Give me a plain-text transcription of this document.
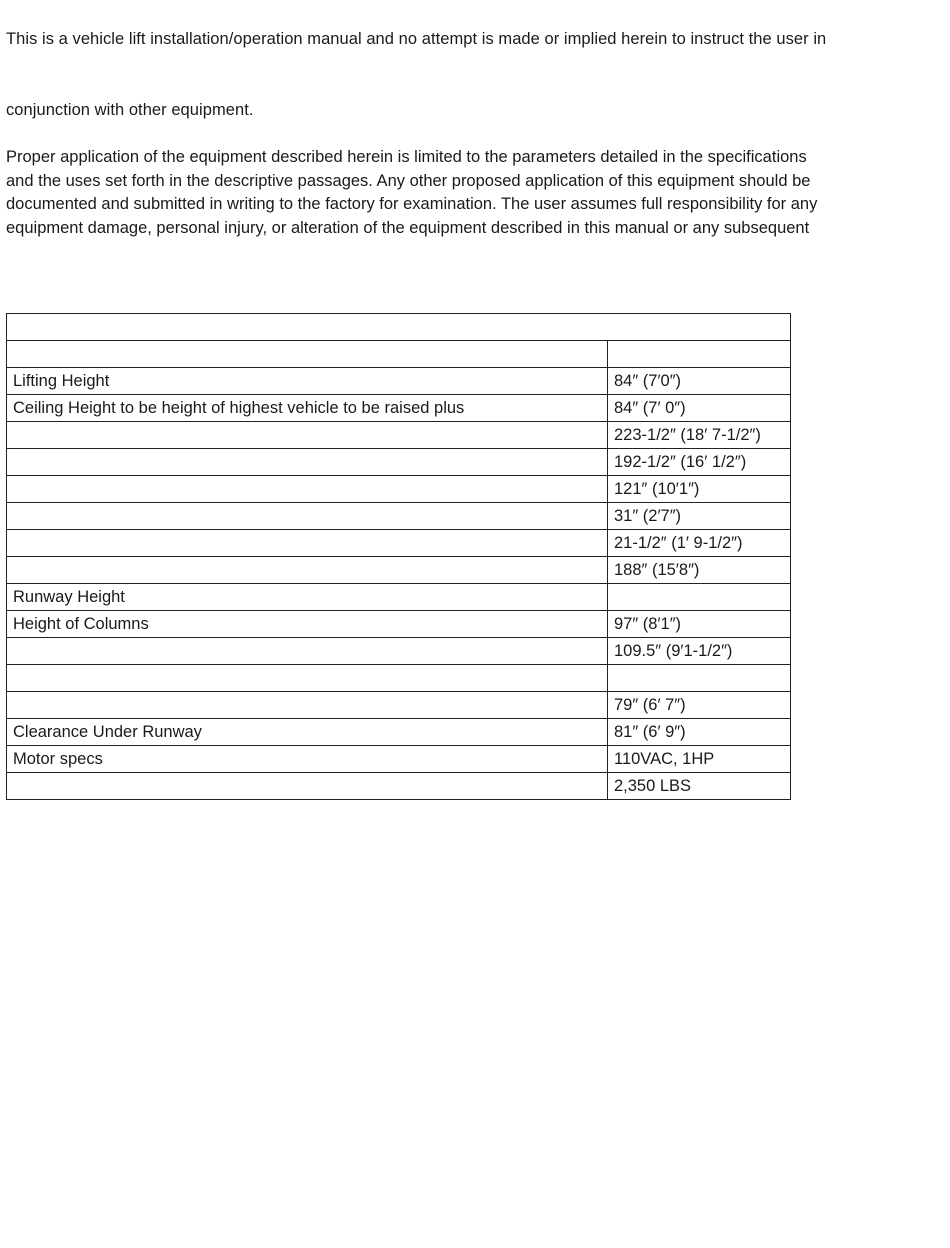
This is a vehicle lift installation/operation manual and no attempt is made or implied herein to instruct the user in
conjunction with other equipment.
Proper application of the equipment described herein is limited to the parameters detailed in the specifications
and the uses set forth in the descriptive passages. Any other proposed application of this equipment should be
documented and submitted in writing to the factory for examination. The user assumes full responsibility for any
equipment damage, personal injury, or alteration of the equipment described in this manual or any subsequent

Lifting Height	84″ (7′0″)
Ceiling Height to be height of highest vehicle to be raised plus	84″ (7′ 0″)
	223-1/2″ (18′ 7-1/2″)
	192-1/2″ (16′ 1/2″)
	121″ (10′1″)
	31″ (2′7″)
	21-1/2″ (1′ 9-1/2″)
	188″ (15′8″)
Runway Height	
Height of Columns	97″ (8′1″)
	109.5″ (9′1-1/2″)

	79″ (6′ 7″)
Clearance Under Runway	81″ (6′ 9″)
Motor specs	110VAC, 1HP
	2,350 LBS
